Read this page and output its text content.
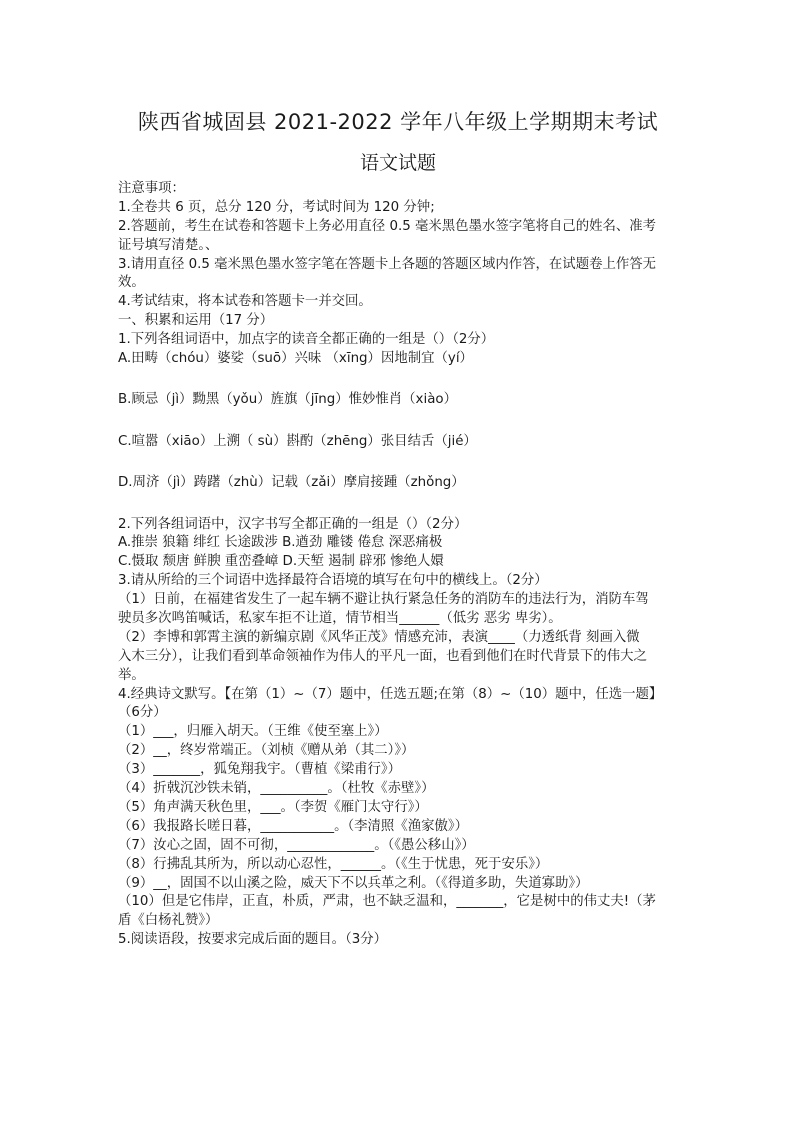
陕西省城固县 2021-2022 学年八年级上学期期末考试
语文试题
注意事项：
1.全卷共 6 页，总分 120 分，考试时间为 120 分钟;
2.答题前，考生在试卷和答题卡上务必用直径 0.5 毫米黑色墨水签字笔将自己的姓名、准考
证号填写清楚。、
3.请用直径 0.5 毫米黑色墨水签字笔在答题卡上各题的答题区域内作答，在试题卷上作答无
效。
4.考试结束，将本试卷和答题卡一并交回。
一、积累和运用（17 分）
1.下列各组词语中，加点字的读音全都正确的一组是（）（2分）
A.田畴（chóu）婆娑（suō）兴味 （xīng）因地制宜（yí）
B.顾忌（jì）黝黑（yǒu）旌旗（jīng）惟妙惟肖（xiào）
C.喧嚣（xiāo）上溯（ sù）斟酌（zhēng）张目结舌（jié）
D.周济（jì）踌躇（zhù）记载（zǎi）摩肩接踵（zhǒng）
2.下列各组词语中，汉字书写全都正确的一组是（）（2分）
A.推崇 狼籍 绯红 长途跋涉 B.遒劲 雕镂 倦怠 深恶痛极
C.慑取 颓唐 鲜腴 重峦叠嶂 D.天堑 遏制 辟邪 惨绝人嬛
3.请从所给的三个词语中选择最符合语境的填写在句中的横线上。（2分）
（1）日前，在福建省发生了一起车辆不避让执行紧急任务的消防车的违法行为，消防车驾
驶员多次鸣笛喊话，私家车拒不让道，情节相当______（低劣 恶劣 卑劣）。
（2）李博和郭霄主演的新编京剧《风华正茂》情感充沛，表演____（力透纸背 刻画入微
入木三分），让我们看到革命领袖作为伟人的平凡一面，也看到他们在时代背景下的伟大之
举。
4.经典诗文默写。【在第（1）~（7）题中，任选五题;在第（8）~（10）题中，任选一题】
（6分）
（1）___，归雁入胡天。（王维《使至塞上》）
（2）__，终岁常端正。（刘桢《赠从弟（其二）》）
（3）_______，狐兔翔我宇。（曹植《梁甫行》）
（4）折戟沉沙铁未销，__________。（杜牧《赤壁》）
（5）角声满天秋色里，___。（李贺《雁门太守行》）
（6）我报路长嗟日暮，___________。（李清照《渔家傲》）
（7）汝心之固，固不可彻，_____________。（《愚公移山》）
（8）行拂乱其所为，所以动心忍性，______。（《生于忧患，死于安乐》）
（9）__，固国不以山溪之险，威天下不以兵革之利。（《得道多助，失道寡助》）
（10）但是它伟岸，正直，朴质，严肃，也不缺乏温和，_______，它是树中的伟丈夫!（茅
盾《白杨礼赞》）
5.阅读语段，按要求完成后面的题目。（3分）
